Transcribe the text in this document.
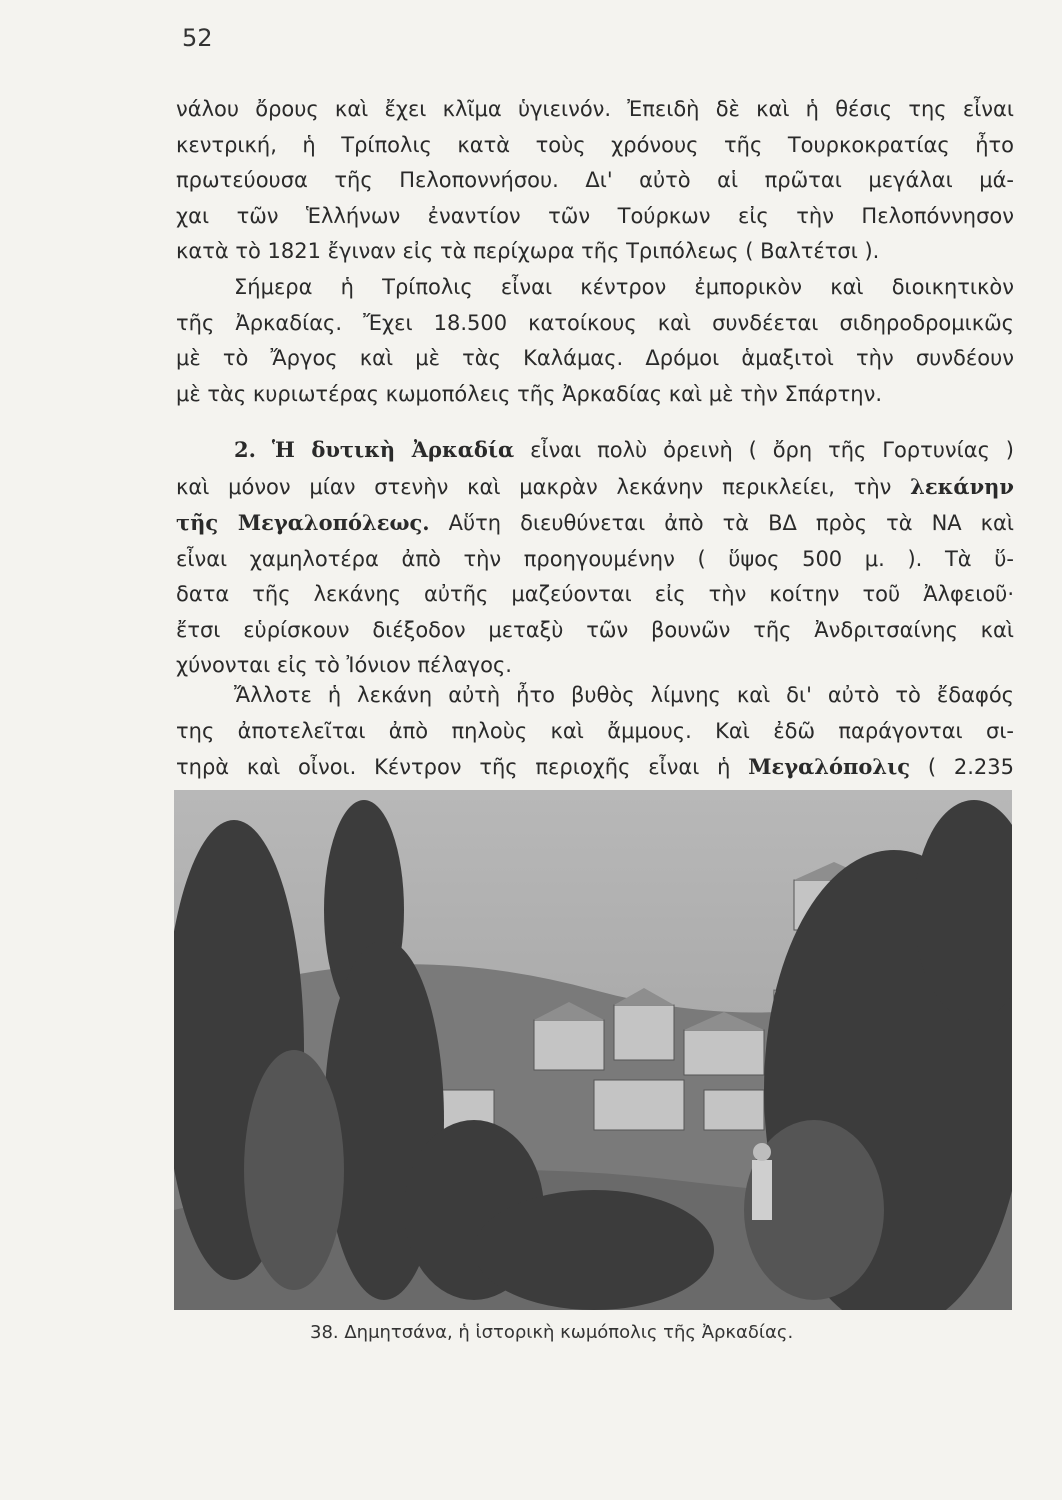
52
νάλου ὄρους καὶ ἔχει κλῖμα ὑγιεινόν. Ἐπειδὴ δὲ καὶ ἡ θέσις της εἶναι
κεντρική, ἡ Τρίπολις κατὰ τοὺς χρόνους τῆς Τουρκοκρατίας ἦτο
πρωτεύουσα τῆς Πελοποννήσου. Δι' αὐτὸ αἱ πρῶται μεγάλαι μά-
χαι τῶν Ἑλλήνων ἐναντίον τῶν Τούρκων εἰς τὴν Πελοπόννησον
κατὰ τὸ 1821 ἔγιναν εἰς τὰ περίχωρα τῆς Τριπόλεως ( Βαλτέτσι ).
Σήμερα ἡ Τρίπολις εἶναι κέντρον ἐμπορικὸν καὶ διοικητικὸν
τῆς Ἀρκαδίας. Ἔχει 18.500 κατοίκους καὶ συνδέεται σιδηροδρομικῶς
μὲ τὸ Ἄργος καὶ μὲ τὰς Καλάμας. Δρόμοι ἁμαξιτοὶ τὴν συνδέουν
μὲ τὰς κυριωτέρας κωμοπόλεις τῆς Ἀρκαδίας καὶ μὲ τὴν Σπάρτην.
2. Ἡ δυτικὴ Ἀρκαδία εἶναι πολὺ ὀρεινὴ ( ὄρη τῆς Γορτυνίας )
καὶ μόνον μίαν στενὴν καὶ μακρὰν λεκάνην περικλείει, τὴν λεκάνην
τῆς Μεγαλοπόλεως. Αὕτη διευθύνεται ἀπὸ τὰ ΒΔ πρὸς τὰ ΝΑ καὶ
εἶναι χαμηλοτέρα ἀπὸ τὴν προηγουμένην ( ὕψος 500 μ. ). Τὰ ὕ-
δατα τῆς λεκάνης αὐτῆς μαζεύονται εἰς τὴν κοίτην τοῦ Ἀλφειοῦ·
ἔτσι εὑρίσκουν διέξοδον μεταξὺ τῶν βουνῶν τῆς Ἀνδριτσαίνης καὶ
χύνονται εἰς τὸ Ἰόνιον πέλαγος.
Ἄλλοτε ἡ λεκάνη αὐτὴ ἦτο βυθὸς λίμνης καὶ δι' αὐτὸ τὸ ἔδαφός
της ἀποτελεῖται ἀπὸ πηλοὺς καὶ ἄμμους. Καὶ ἐδῶ παράγονται σι-
τηρὰ καὶ οἶνοι. Κέντρον τῆς περιοχῆς εἶναι ἡ Μεγαλόπολις ( 2.235
38. Δημητσάνα, ἡ ἱστορικὴ κωμόπολις τῆς Ἀρκαδίας.
